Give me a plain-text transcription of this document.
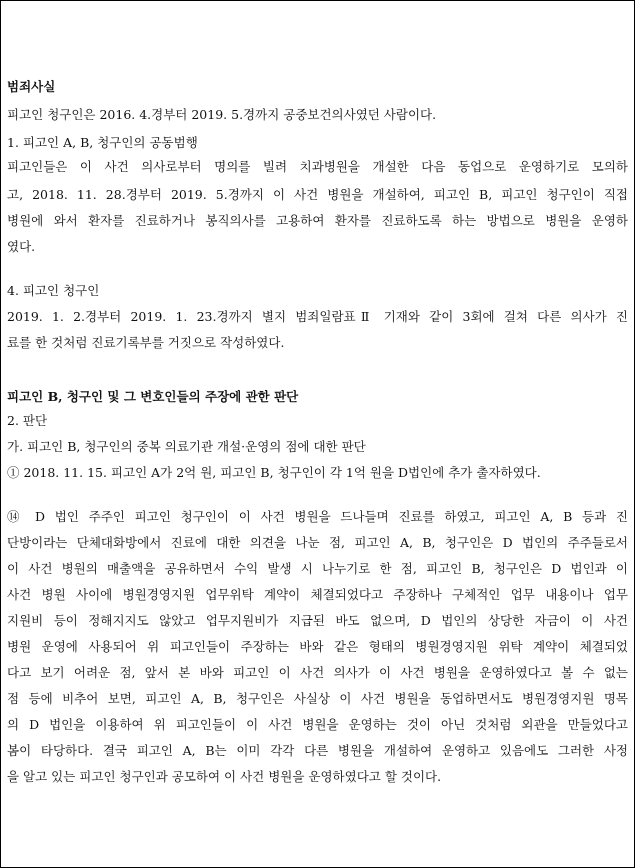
범죄사실
피고인 청구인은 2016. 4.경부터 2019. 5.경까지 공중보건의사였던 사람이다.
1. 피고인 A, B, 청구인의 공동범행
피고인들은 이 사건 의사로부터 명의를 빌려 치과병원을 개설한 다음 동업으로 운영하기로 모의하
고, 2018. 11. 28.경부터 2019. 5.경까지 이 사건 병원을 개설하여, 피고인 B, 피고인 청구인이 직접
병원에 와서 환자를 진료하거나 봉직의사를 고용하여 환자를 진료하도록 하는 방법으로 병원을 운영하
였다.
4. 피고인 청구인
2019. 1. 2.경부터 2019. 1. 23.경까지 별지 범죄일람표Ⅱ 기재와 같이 3회에 걸쳐 다른 의사가 진
료를 한 것처럼 진료기록부를 거짓으로 작성하였다.
피고인 B, 청구인 및 그 변호인들의 주장에 관한 판단
2. 판단
가. 피고인 B, 청구인의 중복 의료기관 개설·운영의 점에 대한 판단
① 2018. 11. 15. 피고인 A가 2억 원, 피고인 B, 청구인이 각 1억 원을 D법인에 추가 출자하였다.
⑭ D 법인 주주인 피고인 청구인이 이 사건 병원을 드나들며 진료를 하였고, 피고인 A, B 등과 진
단방이라는 단체대화방에서 진료에 대한 의견을 나눈 점, 피고인 A, B, 청구인은 D 법인의 주주들로서
이 사건 병원의 매출액을 공유하면서 수익 발생 시 나누기로 한 점, 피고인 B, 청구인은 D 법인과 이
사건 병원 사이에 병원경영지원 업무위탁 계약이 체결되었다고 주장하나 구체적인 업무 내용이나 업무
지원비 등이 정해지지도 않았고 업무지원비가 지급된 바도 없으며, D 법인의 상당한 자금이 이 사건
병원 운영에 사용되어 위 피고인들이 주장하는 바와 같은 형태의 병원경영지원 위탁 계약이 체결되었
다고 보기 어려운 점, 앞서 본 바와 피고인 이 사건 의사가 이 사건 병원을 운영하였다고 볼 수 없는
점 등에 비추어 보면, 피고인 A, B, 청구인은 사실상 이 사건 병원을 동업하면서도 병원경영지원 명목
의 D 법인을 이용하여 위 피고인들이 이 사건 병원을 운영하는 것이 아닌 것처럼 외관을 만들었다고
봄이 타당하다. 결국 피고인 A, B는 이미 각각 다른 병원을 개설하여 운영하고 있음에도 그러한 사정
을 알고 있는 피고인 청구인과 공모하여 이 사건 병원을 운영하였다고 할 것이다.
